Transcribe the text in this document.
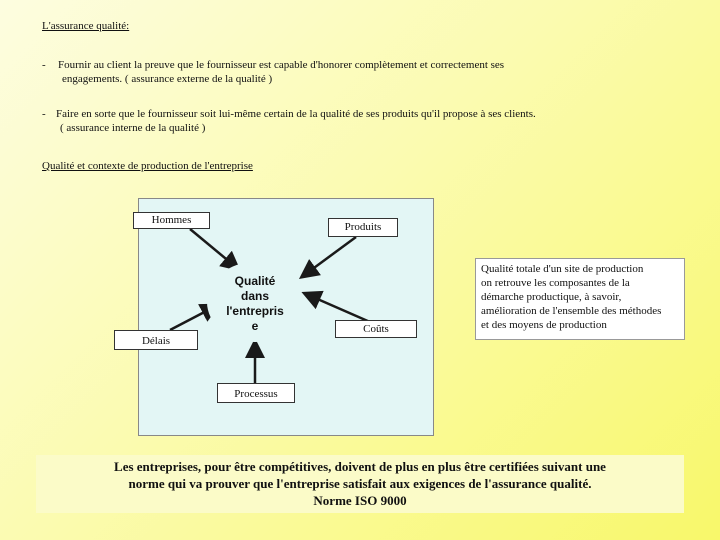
L'assurance qualité:
-	Fournir au client la preuve que le fournisseur est capable d'honorer complètement et correctement ses
engagements. ( assurance externe de la qualité )
- Faire en sorte que le fournisseur soit lui-même certain de la qualité de ses produits qu'il propose à ses clients.
( assurance interne de la qualité )
Qualité et contexte de production de l'entreprise
Hommes
Produits
Délais
Coûts
Processus
Qualité
dans
l'entrepris
e
Qualité totale d'un site de production
on retrouve les composantes de la
démarche productique, à savoir,
amélioration de l'ensemble des méthodes
et des moyens de production
Les entreprises, pour être compétitives, doivent de plus en plus être certifiées suivant une
norme qui va prouver que l'entreprise satisfait aux exigences de l'assurance qualité.
Norme ISO 9000
